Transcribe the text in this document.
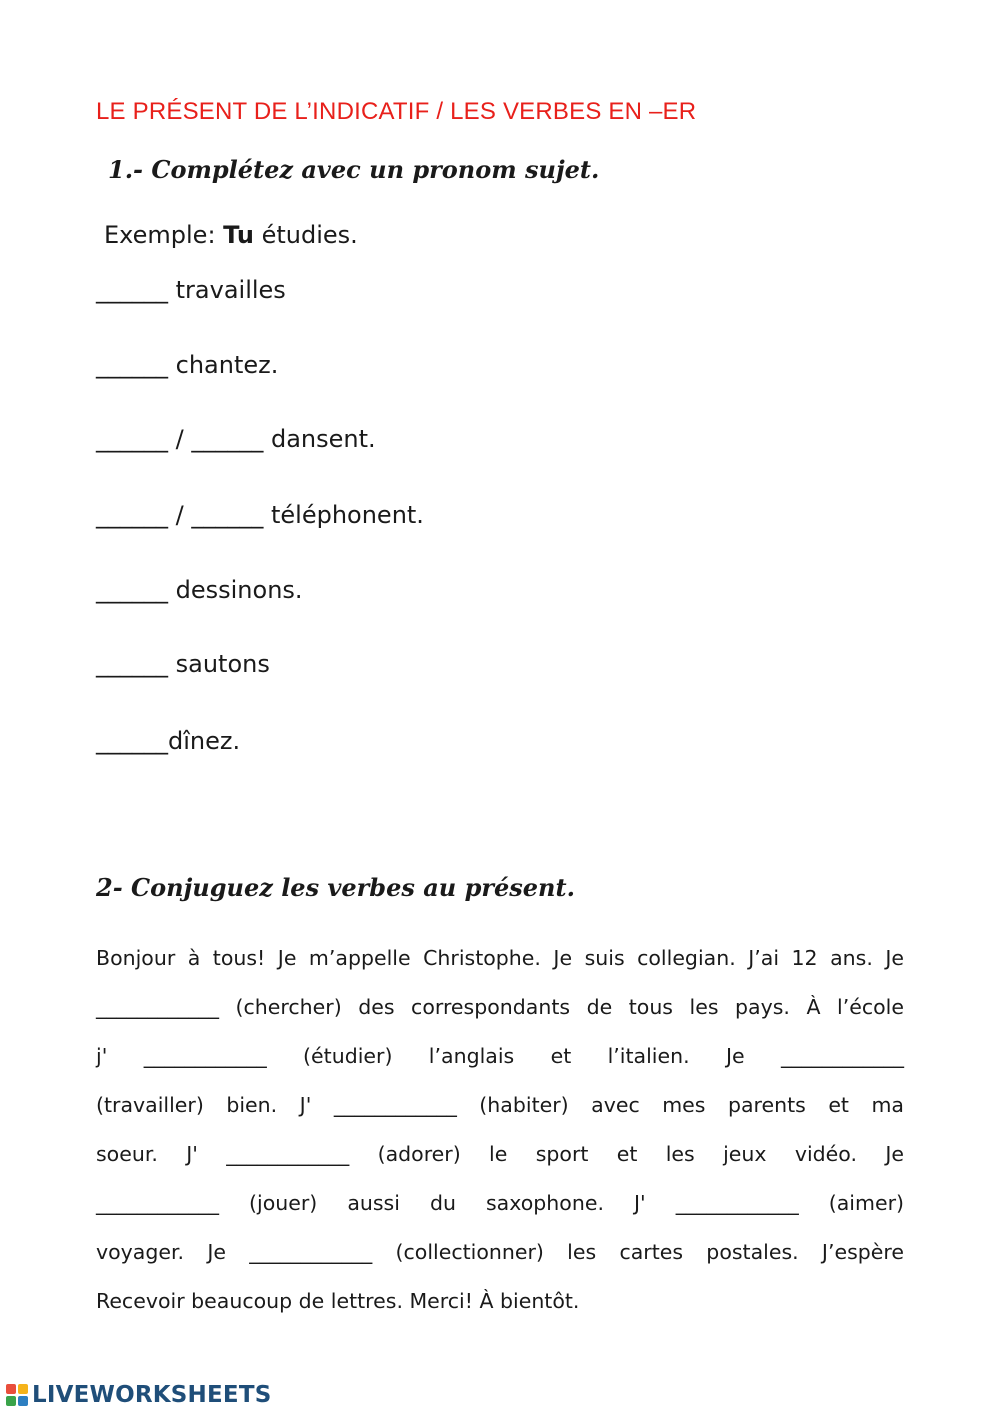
LE PRÉSENT DE L’INDICATIF / LES VERBES EN –ER
1.- Complétez avec un pronom sujet.
Exemple: Tu étudies.
______ travailles
______ chantez.
______ / ______ dansent.
______ / ______ téléphonent.
______ dessinons.
______ sautons
______dînez.
2- Conjuguez les verbes au présent.
Bonjour à tous! Je m’appelle Christophe. Je suis collegian. J’ai 12 ans. Je
____________ (chercher) des correspondants de tous les pays. À l’école
j' ____________ (étudier) l’anglais et l’italien. Je ____________
(travailler) bien. J' ____________ (habiter) avec mes parents et ma
soeur. J' ____________ (adorer) le sport et les jeux vidéo. Je
____________ (jouer) aussi du saxophone. J' ____________ (aimer)
voyager. Je ____________ (collectionner) les cartes postales. J’espère
Recevoir beaucoup de lettres. Merci! À bientôt.
LIVEWORKSHEETS
